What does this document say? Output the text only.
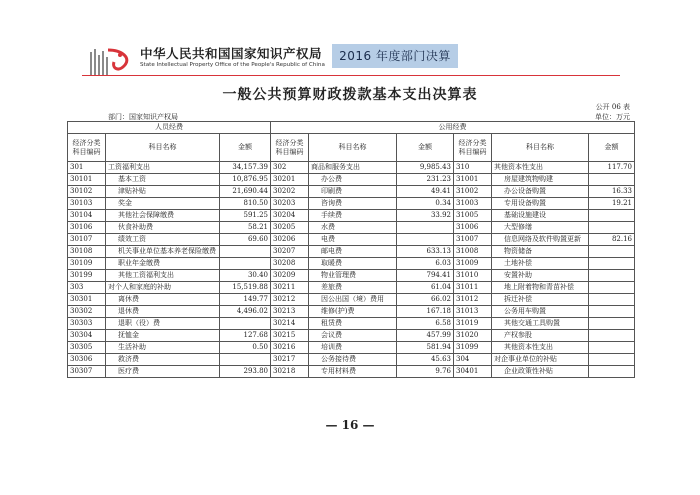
中华人民共和国国家知识产权局
State Intellectual Property Office of the People's Republic of China
2016 年度部门决算
一般公共预算财政拨款基本支出决算表
公开 06 表
部门：国家知识产权局	单位：万元
人员经费			公用经费					
经济分类科目编码	科目名称	金额	经济分类科目编码	科目名称	金额	经济分类科目编码	科目名称	金额
301	工资福利支出	34,157.39	302	商品和服务支出	9,985.43	310	其他资本性支出	117.70
30101	基本工资	10,876.95	30201	办公费	231.23	31001	房屋建筑物购建	
30102	津贴补贴	21,690.44	30202	印刷费	49.41	31002	办公设备购置	16.33
30103	奖金	810.50	30203	咨询费	0.34	31003	专用设备购置	19.21
30104	其他社会保障缴费	591.25	30204	手续费	33.92	31005	基础设施建设	
30106	伙食补助费	58.21	30205	水费		31006	大型修缮	
30107	绩效工资	69.60	30206	电费		31007	信息网络及软件购置更新	82.16
30108	机关事业单位基本养老保险缴费		30207	邮电费	633.13	31008	物资储备	
30109	职业年金缴费		30208	取暖费	6.03	31009	土地补偿	
30199	其他工资福利支出	30.40	30209	物业管理费	794.41	31010	安置补助	
303	对个人和家庭的补助	15,519.88	30211	差旅费	61.04	31011	地上附着物和青苗补偿	
30301	离休费	149.77	30212	因公出国（境）费用	66.02	31012	拆迁补偿	
30302	退休费	4,496.02	30213	维修(护)费	167.18	31013	公务用车购置	
30303	退职（役）费		30214	租赁费	6.58	31019	其他交通工具购置	
30304	抚恤金	127.68	30215	会议费	457.99	31020	产权参股	
30305	生活补助	0.50	30216	培训费	581.94	31099	其他资本性支出	
30306	救济费		30217	公务接待费	45.63	304	对企事业单位的补贴	
30307	医疗费	293.80	30218	专用材料费	9.76	30401	企业政策性补贴	
— 16 —
